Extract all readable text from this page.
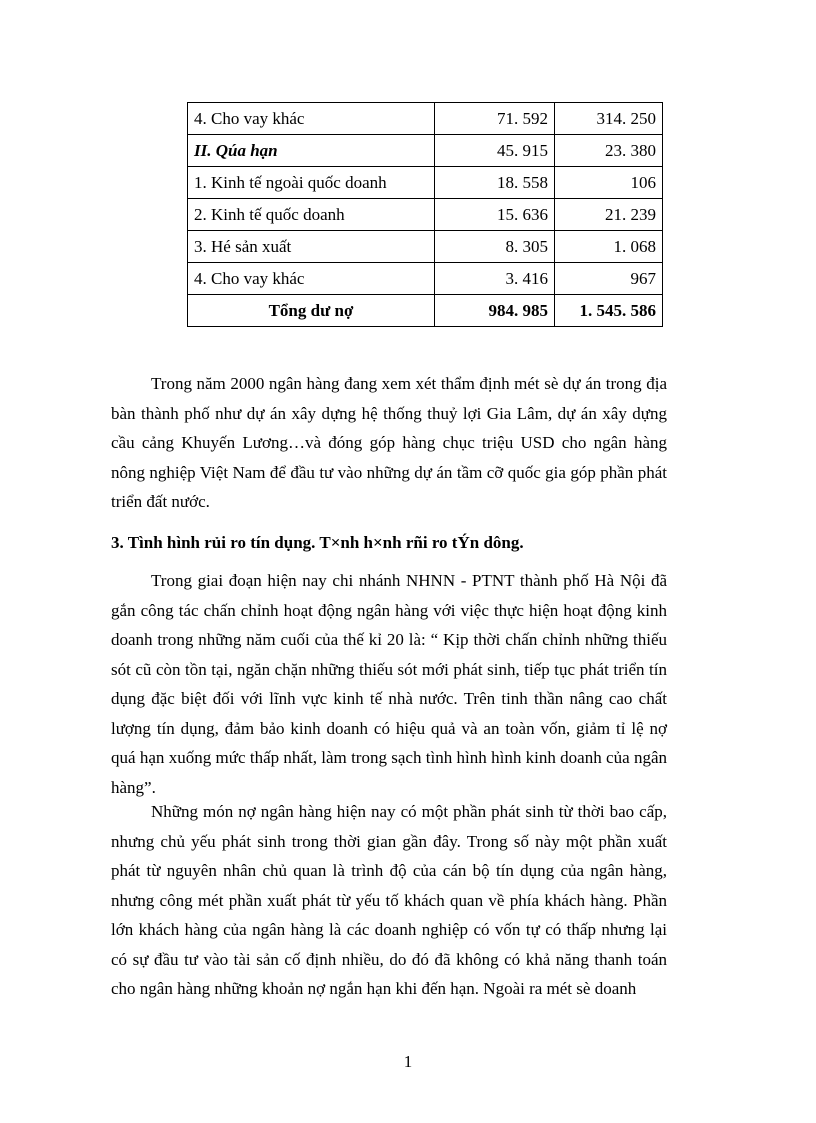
4. Cho vay khác	71. 592	314. 250
II. Qúa hạn	45. 915	23. 380
1. Kinh tế ngoài quốc doanh	18. 558	106
2. Kinh tế quốc doanh	15. 636	21. 239
3. Hé sản xuất	8. 305	1. 068
4. Cho vay khác	3. 416	967
Tổng dư nợ	984. 985	1. 545. 586

Trong năm 2000 ngân hàng đang xem xét thẩm định mét sè dự án trong địa bàn thành phố như dự án xây dựng hệ thống thuỷ lợi Gia Lâm, dự án xây dựng cầu cảng Khuyến Lương…và đóng góp hàng chục triệu USD cho ngân hàng nông nghiệp Việt Nam để đầu tư vào những dự án tầm cỡ quốc gia góp phần phát triển đất nước.

3. Tình hình rủi ro tín dụng. T×nh h×nh rñi ro tÝn dông.

Trong giai đoạn hiện nay chi nhánh NHNN - PTNT thành phố Hà Nội đã gắn công tác chấn chỉnh hoạt động ngân hàng với việc thực hiện hoạt động kinh doanh trong những năm cuối của thế kỉ 20 là: “ Kịp thời chấn chỉnh những thiếu sót cũ còn tồn tại, ngăn chặn những thiếu sót mới phát sinh, tiếp tục phát triển tín dụng đặc biệt đối với lĩnh vực kinh tế nhà nước. Trên tinh thần nâng cao chất lượng tín dụng, đảm bảo kinh doanh có hiệu quả và an toàn vốn, giảm tỉ lệ nợ quá hạn xuống mức thấp nhất, làm trong sạch tình hình hình kinh doanh của ngân hàng”.

Những món nợ ngân hàng hiện nay có một phần phát sinh từ thời bao cấp, nhưng chủ yếu phát sinh trong thời gian gần đây. Trong số này một phần xuất phát từ nguyên nhân chủ quan là trình độ của cán bộ tín dụng của ngân hàng, nhưng công mét phần xuất phát từ yếu tố khách quan về phía khách hàng. Phần lớn khách hàng của ngân hàng là các doanh nghiệp có vốn tự có thấp nhưng lại có sự đầu tư vào tài sản cố định nhiều, do đó đã không có khả năng thanh toán cho ngân hàng những khoản nợ ngắn hạn khi đến hạn. Ngoài ra mét sè doanh

1
